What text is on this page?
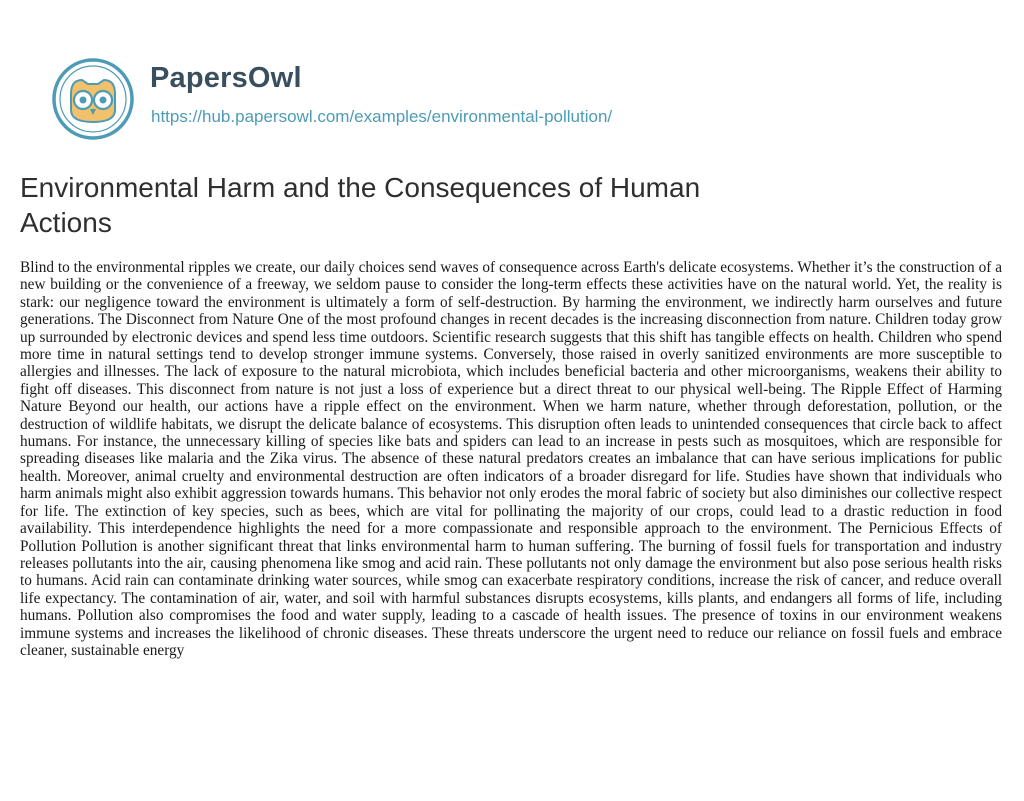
PapersOwl
https://hub.papersowl.com/examples/environmental-pollution/
Environmental Harm and the Consequences of Human Actions

Blind to the environmental ripples we create, our daily choices send waves of consequence across Earth's delicate ecosystems. Whether it’s the construction of a new building or the convenience of a freeway, we seldom pause to consider the long-term effects these activities have on the natural world. Yet, the reality is stark: our negligence toward the environment is ultimately a form of self-destruction. By harming the environment, we indirectly harm ourselves and future generations. The Disconnect from Nature One of the most profound changes in recent decades is the increasing disconnection from nature. Children today grow up surrounded by electronic devices and spend less time outdoors. Scientific research suggests that this shift has tangible effects on health. Children who spend more time in natural settings tend to develop stronger immune systems. Conversely, those raised in overly sanitized environments are more susceptible to allergies and illnesses. The lack of exposure to the natural microbiota, which includes beneficial bacteria and other microorganisms, weakens their ability to fight off diseases. This disconnect from nature is not just a loss of experience but a direct threat to our physical well-being. The Ripple Effect of Harming Nature Beyond our health, our actions have a ripple effect on the environment. When we harm nature, whether through deforestation, pollution, or the destruction of wildlife habitats, we disrupt the delicate balance of ecosystems. This disruption often leads to unintended consequences that circle back to affect humans. For instance, the unnecessary killing of species like bats and spiders can lead to an increase in pests such as mosquitoes, which are responsible for spreading diseases like malaria and the Zika virus. The absence of these natural predators creates an imbalance that can have serious implications for public health. Moreover, animal cruelty and environmental destruction are often indicators of a broader disregard for life. Studies have shown that individuals who harm animals might also exhibit aggression towards humans. This behavior not only erodes the moral fabric of society but also diminishes our collective respect for life. The extinction of key species, such as bees, which are vital for pollinating the majority of our crops, could lead to a drastic reduction in food availability. This interdependence highlights the need for a more compassionate and responsible approach to the environment. The Pernicious Effects of Pollution Pollution is another significant threat that links environmental harm to human suffering. The burning of fossil fuels for transportation and industry releases pollutants into the air, causing phenomena like smog and acid rain. These pollutants not only damage the environment but also pose serious health risks to humans. Acid rain can contaminate drinking water sources, while smog can exacerbate respiratory conditions, increase the risk of cancer, and reduce overall life expectancy. The contamination of air, water, and soil with harmful substances disrupts ecosystems, kills plants, and endangers all forms of life, including humans. Pollution also compromises the food and water supply, leading to a cascade of health issues. The presence of toxins in our environment weakens immune systems and increases the likelihood of chronic diseases. These threats underscore the urgent need to reduce our reliance on fossil fuels and embrace cleaner, sustainable energy
